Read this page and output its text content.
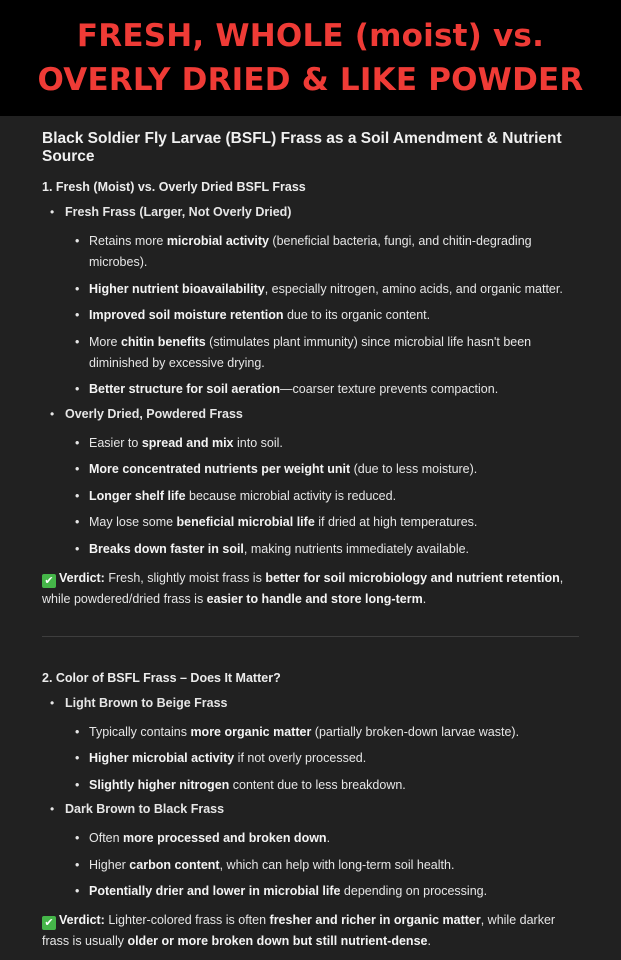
FRESH, WHOLE (moist) vs.
OVERLY DRIED & LIKE POWDER
Black Soldier Fly Larvae (BSFL) Frass as a Soil Amendment & Nutrient Source
1. Fresh (Moist) vs. Overly Dried BSFL Frass
• Fresh Frass (Larger, Not Overly Dried)
• Retains more microbial activity (beneficial bacteria, fungi, and chitin-degrading microbes).
• Higher nutrient bioavailability, especially nitrogen, amino acids, and organic matter.
• Improved soil moisture retention due to its organic content.
• More chitin benefits (stimulates plant immunity) since microbial life hasn't been diminished by excessive drying.
• Better structure for soil aeration—coarser texture prevents compaction.
• Overly Dried, Powdered Frass
• Easier to spread and mix into soil.
• More concentrated nutrients per weight unit (due to less moisture).
• Longer shelf life because microbial activity is reduced.
• May lose some beneficial microbial life if dried at high temperatures.
• Breaks down faster in soil, making nutrients immediately available.
✔ Verdict: Fresh, slightly moist frass is better for soil microbiology and nutrient retention, while powdered/dried frass is easier to handle and store long-term.
2. Color of BSFL Frass – Does It Matter?
• Light Brown to Beige Frass
• Typically contains more organic matter (partially broken-down larvae waste).
• Higher microbial activity if not overly processed.
• Slightly higher nitrogen content due to less breakdown.
• Dark Brown to Black Frass
• Often more processed and broken down.
• Higher carbon content, which can help with long-term soil health.
• Potentially drier and lower in microbial life depending on processing.
✔ Verdict: Lighter-colored frass is often fresher and richer in organic matter, while darker frass is usually older or more broken down but still nutrient-dense.
